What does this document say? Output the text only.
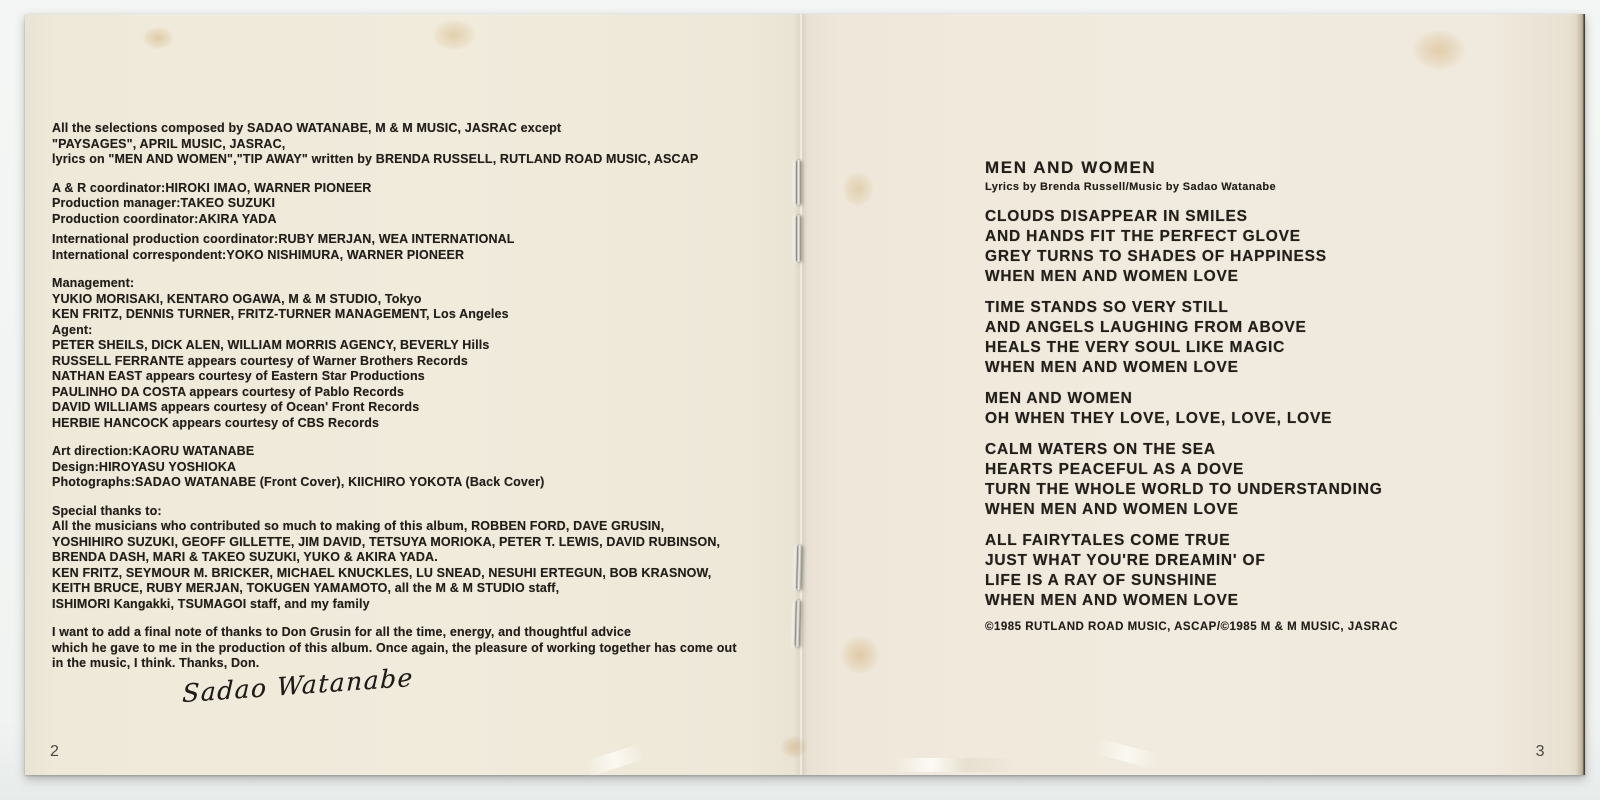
All the selections composed by SADAO WATANABE, M & M MUSIC, JASRAC except
"PAYSAGES", APRIL MUSIC, JASRAC,
lyrics on "MEN AND WOMEN","TIP AWAY" written by BRENDA RUSSELL, RUTLAND ROAD MUSIC, ASCAP
A & R coordinator:HIROKI IMAO, WARNER PIONEER
Production manager:TAKEO SUZUKI
Production coordinator:AKIRA YADA
International production coordinator:RUBY MERJAN, WEA INTERNATIONAL
International correspondent:YOKO NISHIMURA, WARNER PIONEER
Management:
YUKIO MORISAKI, KENTARO OGAWA, M & M STUDIO, Tokyo
KEN FRITZ, DENNIS TURNER, FRITZ-TURNER MANAGEMENT, Los Angeles
Agent:
PETER SHEILS, DICK ALEN, WILLIAM MORRIS AGENCY, BEVERLY Hills
RUSSELL FERRANTE appears courtesy of Warner Brothers Records
NATHAN EAST appears courtesy of Eastern Star Productions
PAULINHO DA COSTA appears courtesy of Pablo Records
DAVID WILLIAMS appears courtesy of Ocean' Front Records
HERBIE HANCOCK appears courtesy of CBS Records
Art direction:KAORU WATANABE
Design:HIROYASU YOSHIOKA
Photographs:SADAO WATANABE (Front Cover), KIICHIRO YOKOTA (Back Cover)
Special thanks to:
All the musicians who contributed so much to making of this album, ROBBEN FORD, DAVE GRUSIN,
YOSHIHIRO SUZUKI, GEOFF GILLETTE, JIM DAVID, TETSUYA MORIOKA, PETER T. LEWIS, DAVID RUBINSON,
BRENDA DASH, MARI & TAKEO SUZUKI, YUKO & AKIRA YADA.
KEN FRITZ, SEYMOUR M. BRICKER, MICHAEL KNUCKLES, LU SNEAD, NESUHI ERTEGUN, BOB KRASNOW,
KEITH BRUCE, RUBY MERJAN, TOKUGEN YAMAMOTO, all the M & M STUDIO staff,
ISHIMORI Kangakki, TSUMAGOI staff, and my family
I want to add a final note of thanks to Don Grusin for all the time, energy, and thoughtful advice
which he gave to me in the production of this album. Once again, the pleasure of working together has come out
in the music, I think. Thanks, Don.
Sadao Watanabe
2
MEN AND WOMEN
Lyrics by Brenda Russell/Music by Sadao Watanabe
CLOUDS DISAPPEAR IN SMILES
AND HANDS FIT THE PERFECT GLOVE
GREY TURNS TO SHADES OF HAPPINESS
WHEN MEN AND WOMEN LOVE
TIME STANDS SO VERY STILL
AND ANGELS LAUGHING FROM ABOVE
HEALS THE VERY SOUL LIKE MAGIC
WHEN MEN AND WOMEN LOVE
MEN AND WOMEN
OH WHEN THEY LOVE, LOVE, LOVE, LOVE
CALM WATERS ON THE SEA
HEARTS PEACEFUL AS A DOVE
TURN THE WHOLE WORLD TO UNDERSTANDING
WHEN MEN AND WOMEN LOVE
ALL FAIRYTALES COME TRUE
JUST WHAT YOU'RE DREAMIN' OF
LIFE IS A RAY OF SUNSHINE
WHEN MEN AND WOMEN LOVE
©1985 RUTLAND ROAD MUSIC, ASCAP/©1985 M & M MUSIC, JASRAC
3
